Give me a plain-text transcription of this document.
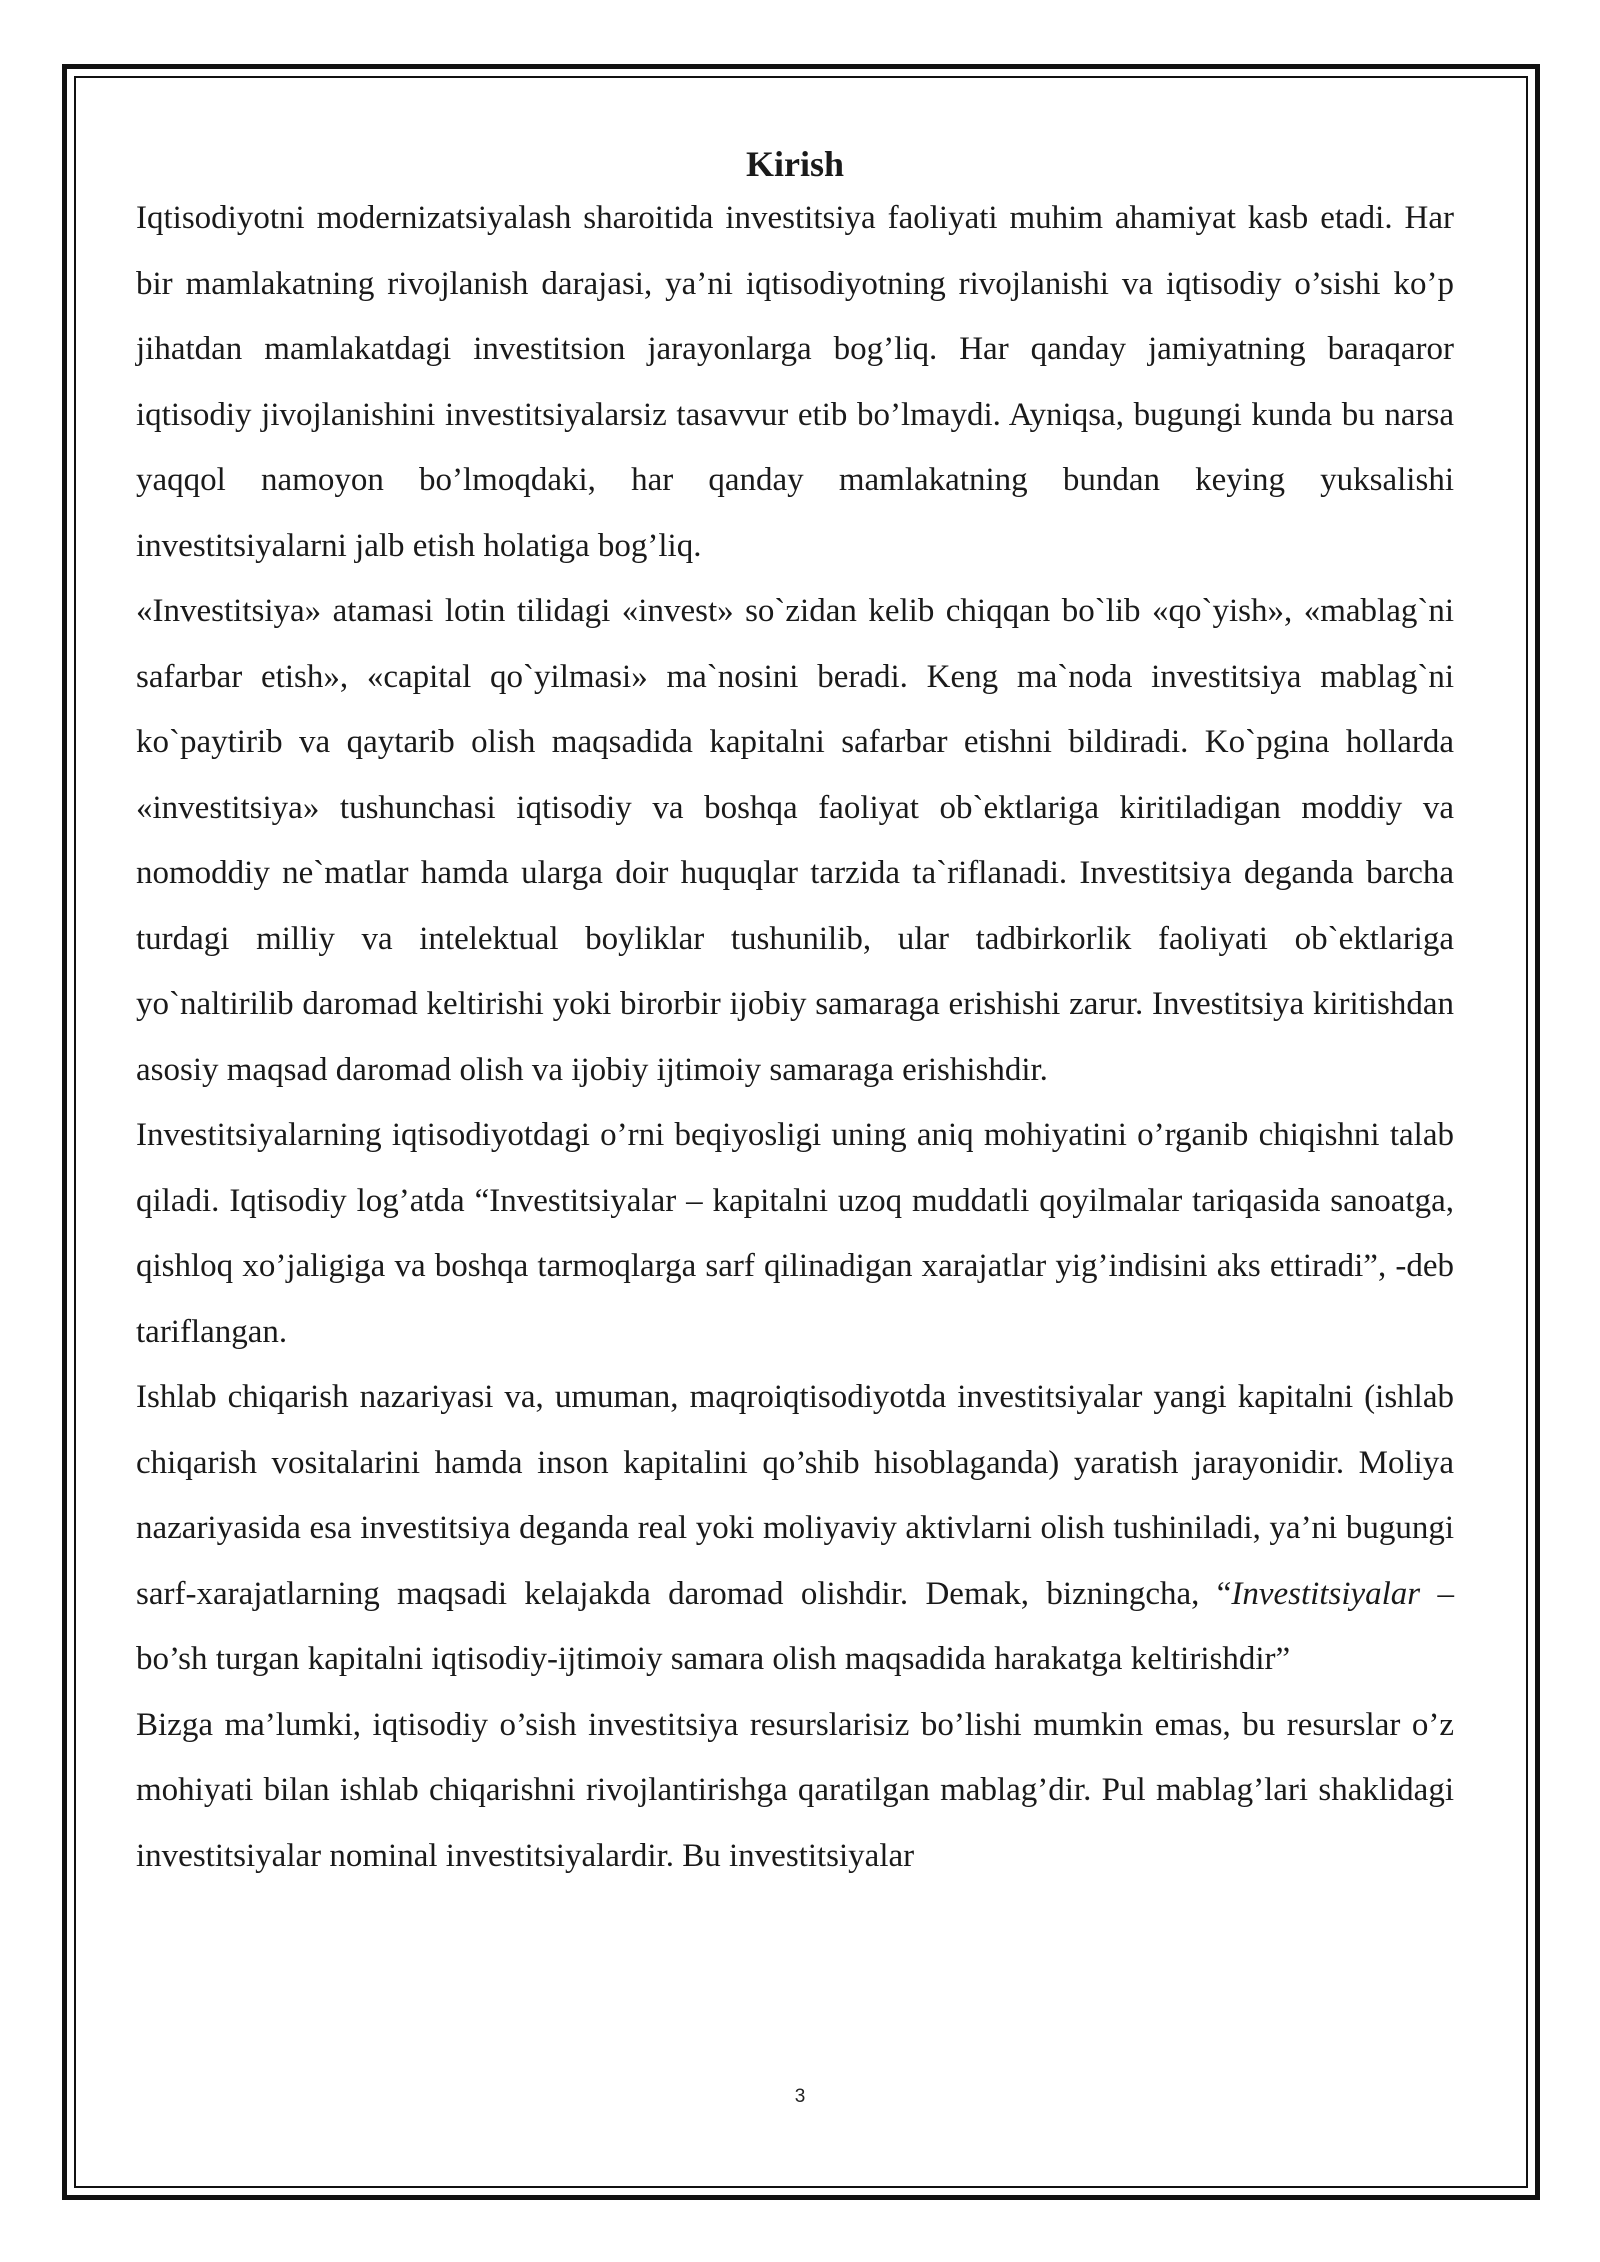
Kirish

Iqtisodiyotni modernizatsiyalash sharoitida investitsiya faoliyati muhim ahamiyat kasb etadi. Har bir mamlakatning rivojlanish darajasi, ya’ni iqtisodiyotning rivojlanishi va iqtisodiy o’sishi ko’p jihatdan mamlakatdagi investitsion jarayonlarga bog’liq. Har qanday jamiyatning baraqaror iqtisodiy jivojlanishini investitsiyalarsiz tasavvur etib bo’lmaydi. Ayniqsa, bugungi kunda bu narsa yaqqol namoyon bo’lmoqdaki, har qanday mamlakatning bundan keying yuksalishi investitsiyalarni jalb etish holatiga bog’liq.

«Investitsiya» atamasi lotin tilidagi «invest» so`zidan kelib chiqqan bo`lib «qo`yish», «mablag`ni safarbar etish», «capital qo`yilmasi» ma`nosini beradi. Keng ma`noda investitsiya mablag`ni ko`paytirib va qaytarib olish maqsadida kapitalni safarbar etishni bildiradi. Ko`pgina hollarda «investitsiya» tushunchasi iqtisodiy va boshqa faoliyat ob`ektlariga kiritiladigan moddiy va nomoddiy ne`matlar hamda ularga doir huquqlar tarzida ta`riflanadi. Investitsiya deganda barcha turdagi milliy va intelektual boyliklar tushunilib, ular tadbirkorlik faoliyati ob`ektlariga yo`naltirilib daromad keltirishi yoki birorbir ijobiy samaraga erishishi zarur. Investitsiya kiritishdan asosiy maqsad daromad olish va ijobiy ijtimoiy samaraga erishishdir.

Investitsiyalarning iqtisodiyotdagi o’rni beqiyosligi uning aniq mohiyatini o’rganib chiqishni talab qiladi. Iqtisodiy log’atda “Investitsiyalar – kapitalni uzoq muddatli qoyilmalar tariqasida sanoatga, qishloq xo’jaligiga va boshqa tarmoqlarga sarf qilinadigan xarajatlar yig’indisini aks ettiradi”, -deb tariflangan.

Ishlab chiqarish nazariyasi va, umuman, maqroiqtisodiyotda investitsiyalar yangi kapitalni (ishlab chiqarish vositalarini hamda inson kapitalini qo’shib hisoblaganda) yaratish jarayonidir. Moliya nazariyasida esa investitsiya deganda real yoki moliyaviy aktivlarni olish tushiniladi, ya’ni bugungi sarf-xarajatlarning maqsadi kelajakda daromad olishdir. Demak, bizningcha, “Investitsiyalar – bo’sh turgan kapitalni iqtisodiy-ijtimoiy samara olish maqsadida harakatga keltirishdir”

Bizga ma’lumki, iqtisodiy o’sish investitsiya resurslarisiz bo’lishi mumkin emas, bu resurslar o’z mohiyati bilan ishlab chiqarishni rivojlantirishga qaratilgan mablag’dir. Pul mablag’lari shaklidagi investitsiyalar nominal investitsiyalardir. Bu investitsiyalar

3
